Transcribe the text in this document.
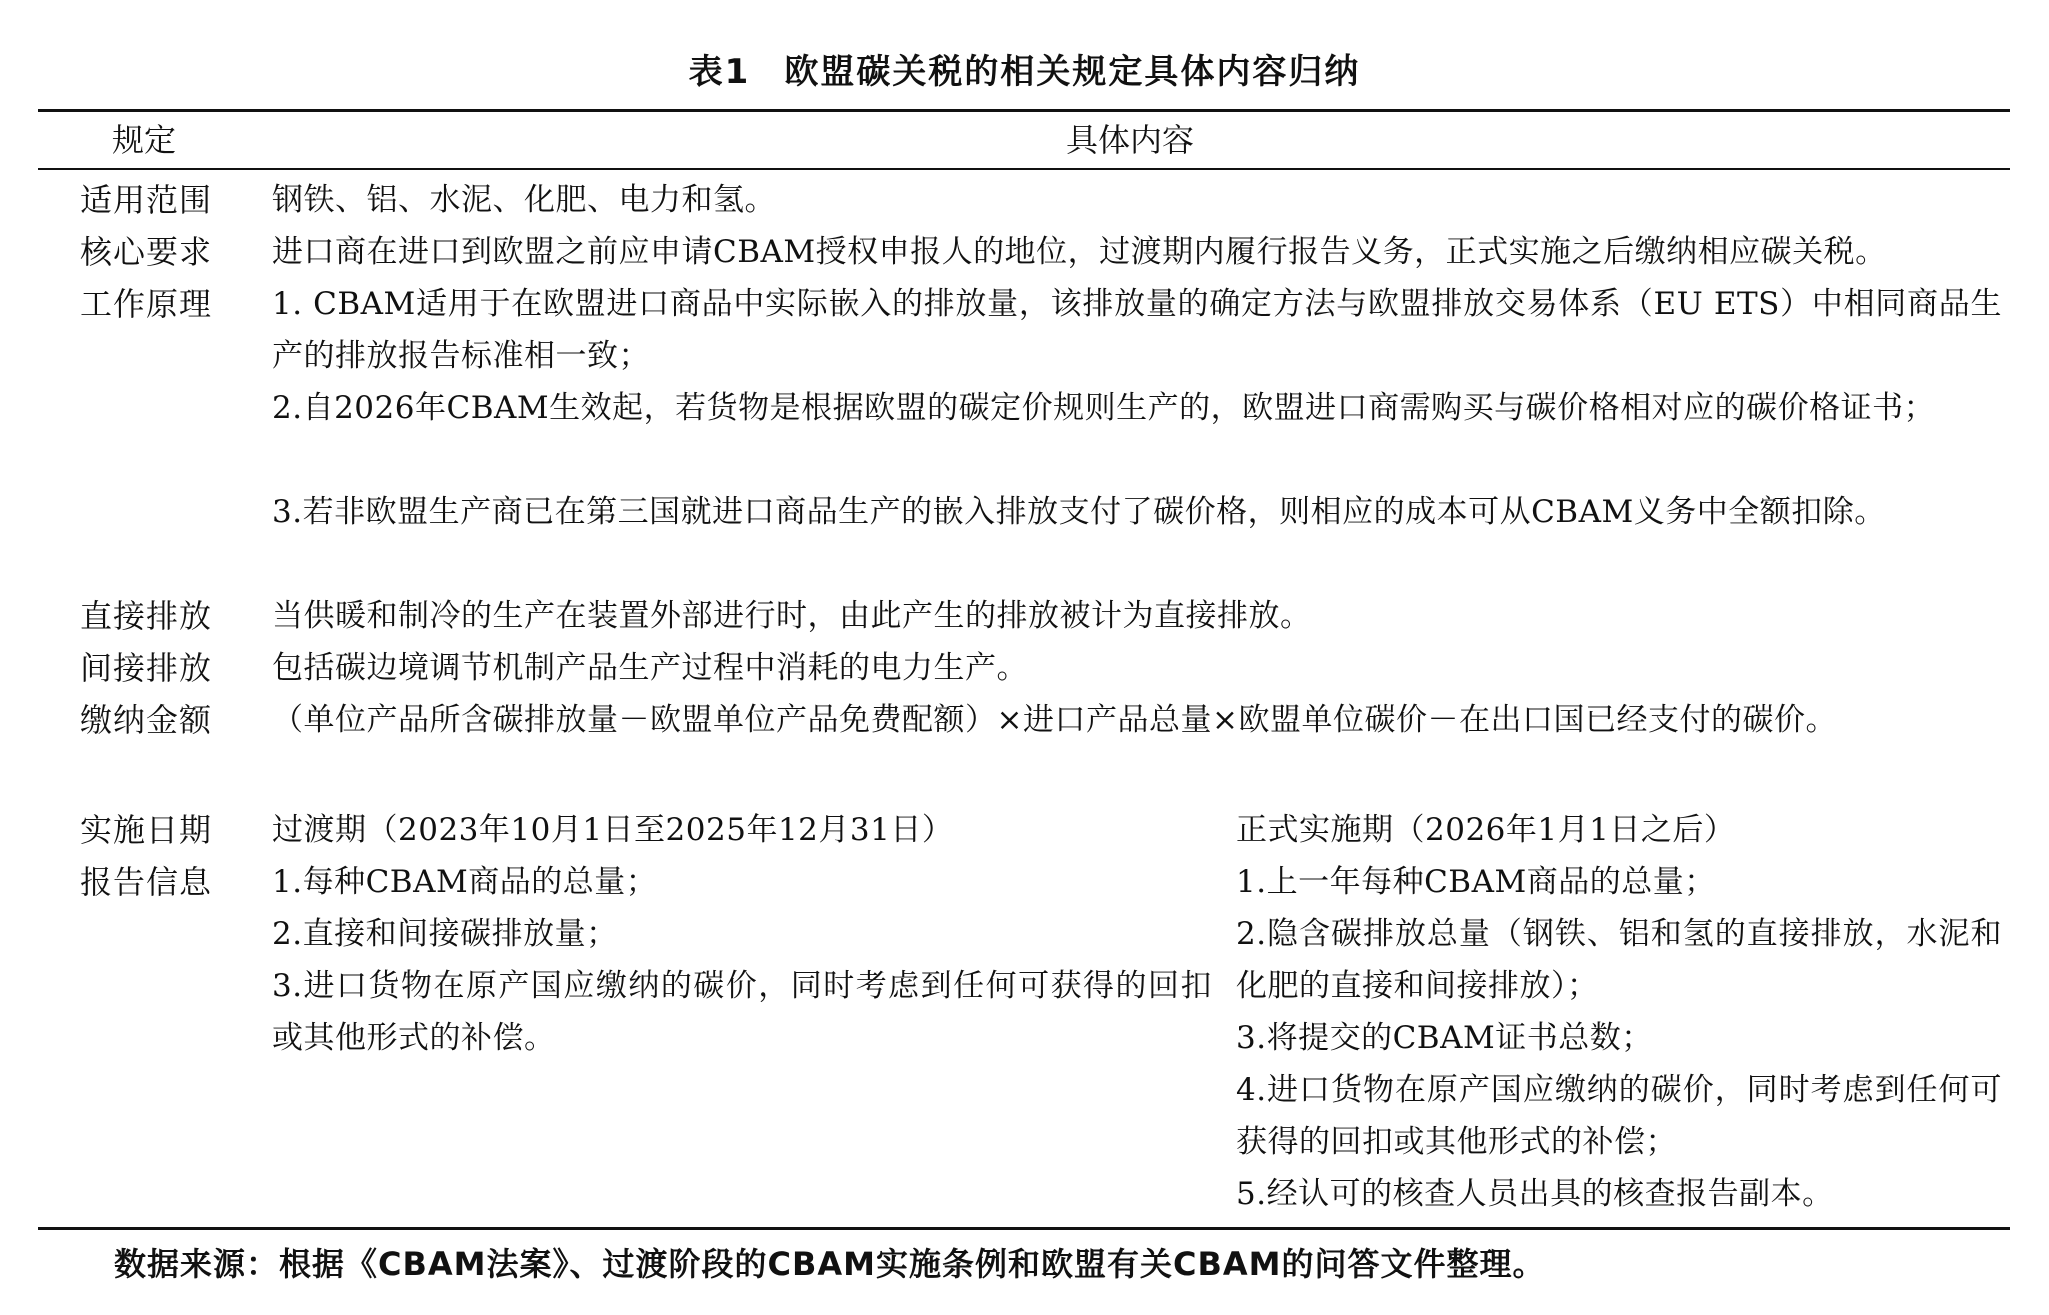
表1 欧盟碳关税的相关规定具体内容归纳
规定	具体内容
适用范围 钢铁、铝、水泥、化肥、电力和氢。
核心要求 进口商在进口到欧盟之前应申请CBAM授权申报人的地位，过渡期内履行报告义务，正式实施之后缴纳相应碳关税。
工作原理 1. CBAM适用于在欧盟进口商品中实际嵌入的排放量，该排放量的确定方法与欧盟排放交易体系（EU ETS）中相同商品生产的排放报告标准相一致；
2.自2026年CBAM生效起，若货物是根据欧盟的碳定价规则生产的，欧盟进口商需购买与碳价格相对应的碳价格证书；
3.若非欧盟生产商已在第三国就进口商品生产的嵌入排放支付了碳价格，则相应的成本可从CBAM义务中全额扣除。
直接排放 当供暖和制冷的生产在装置外部进行时，由此产生的排放被计为直接排放。
间接排放 包括碳边境调节机制产品生产过程中消耗的电力生产。
缴纳金额 （单位产品所含碳排放量－欧盟单位产品免费配额）×进口产品总量×欧盟单位碳价－在出口国已经支付的碳价。
实施日期 过渡期（2023年10月1日至2025年12月31日）	正式实施期（2026年1月1日之后）
报告信息 1.每种CBAM商品的总量；
2.直接和间接碳排放量；
3.进口货物在原产国应缴纳的碳价，同时考虑到任何可获得的回扣或其他形式的补偿。
1.上一年每种CBAM商品的总量；
2.隐含碳排放总量（钢铁、铝和氢的直接排放，水泥和化肥的直接和间接排放）；
3.将提交的CBAM证书总数；
4.进口货物在原产国应缴纳的碳价，同时考虑到任何可获得的回扣或其他形式的补偿；
5.经认可的核查人员出具的核查报告副本。
数据来源：根据《CBAM法案》、过渡阶段的CBAM实施条例和欧盟有关CBAM的问答文件整理。
